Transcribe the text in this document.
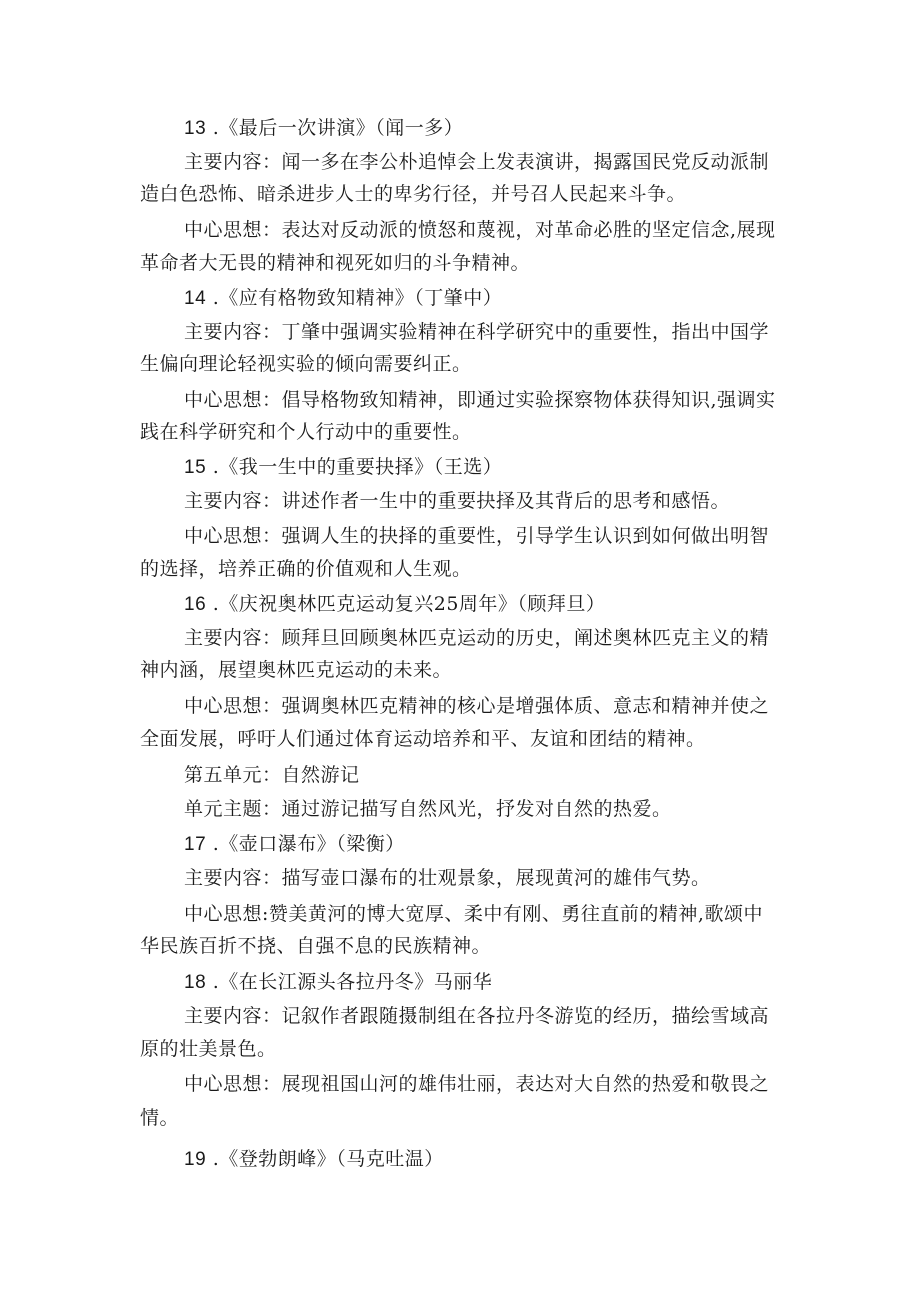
13 .《最后一次讲演》（闻一多）
主要内容：闻一多在李公朴追悼会上发表演讲，揭露国民党反动派制
造白色恐怖、暗杀进步人士的卑劣行径，并号召人民起来斗争。
中心思想：表达对反动派的愤怒和蔑视，对革命必胜的坚定信念,展现
革命者大无畏的精神和视死如归的斗争精神。
14 .《应有格物致知精神》（丁肇中）
主要内容：丁肇中强调实验精神在科学研究中的重要性，指出中国学
生偏向理论轻视实验的倾向需要纠正。
中心思想：倡导格物致知精神，即通过实验探察物体获得知识,强调实
践在科学研究和个人行动中的重要性。
15 .《我一生中的重要抉择》（王选）
主要内容：讲述作者一生中的重要抉择及其背后的思考和感悟。
中心思想：强调人生的抉择的重要性，引导学生认识到如何做出明智
的选择，培养正确的价值观和人生观。
16 .《庆祝奥林匹克运动复兴25周年》（顾拜旦）
主要内容：顾拜旦回顾奥林匹克运动的历史，阐述奥林匹克主义的精
神内涵，展望奥林匹克运动的未来。
中心思想：强调奥林匹克精神的核心是增强体质、意志和精神并使之
全面发展，呼吁人们通过体育运动培养和平、友谊和团结的精神。
第五单元：自然游记
单元主题：通过游记描写自然风光，抒发对自然的热爱。
17 .《壶口瀑布》（梁衡）
主要内容：描写壶口瀑布的壮观景象，展现黄河的雄伟气势。
中心思想:赞美黄河的博大宽厚、柔中有刚、勇往直前的精神,歌颂中
华民族百折不挠、自强不息的民族精神。
18 .《在长江源头各拉丹冬》马丽华
主要内容：记叙作者跟随摄制组在各拉丹冬游览的经历，描绘雪域高
原的壮美景色。
中心思想：展现祖国山河的雄伟壮丽，表达对大自然的热爱和敬畏之
情。
19 .《登勃朗峰》（马克吐温）
